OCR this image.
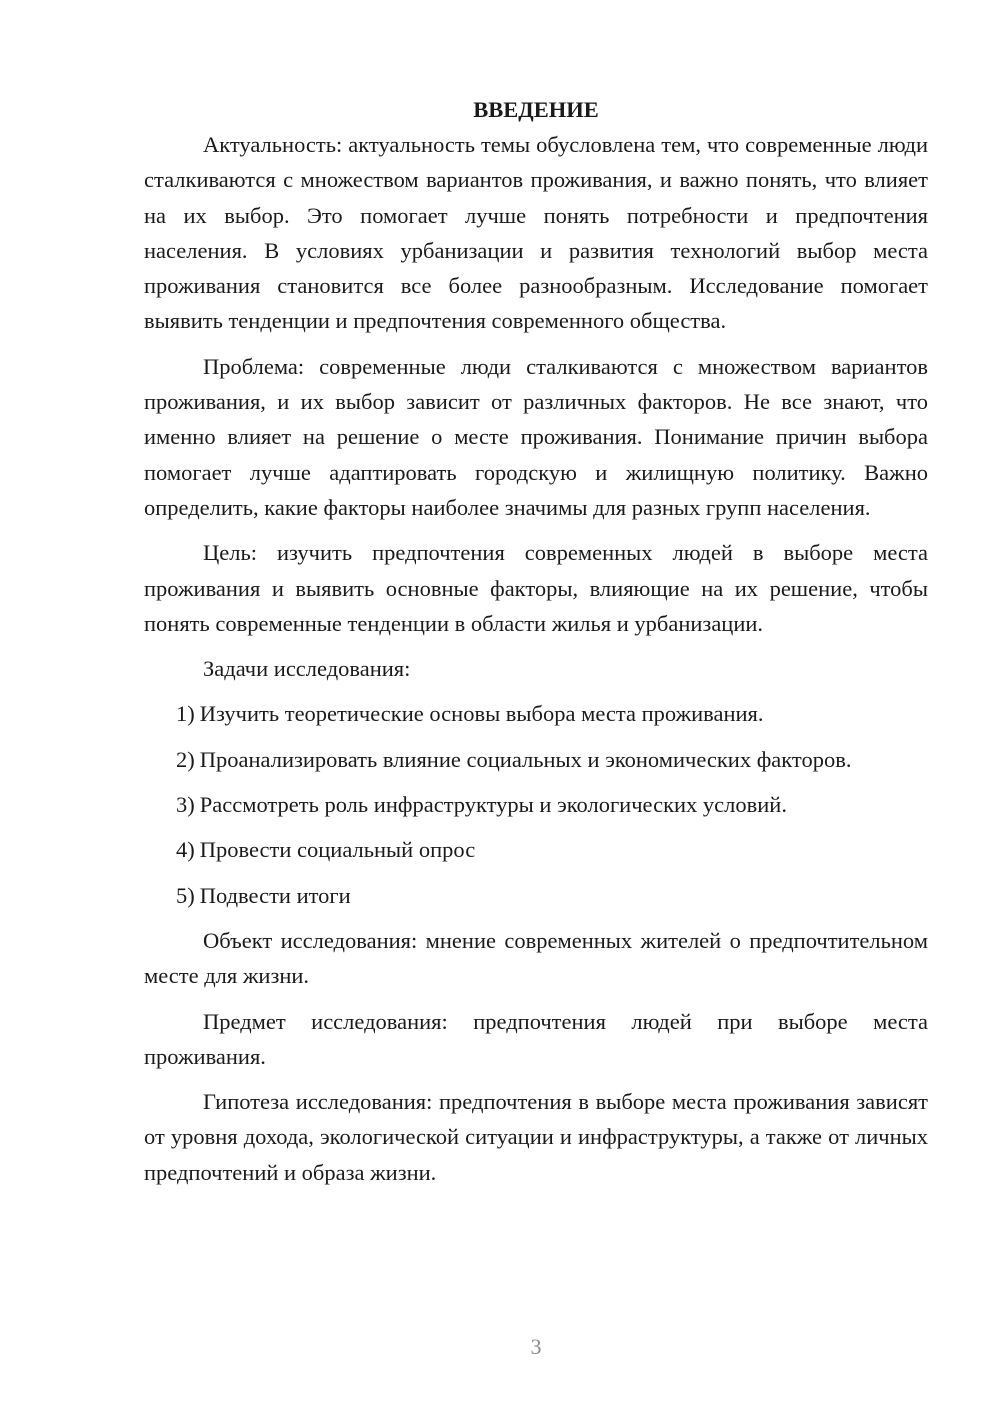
ВВЕДЕНИЕ

Актуальность: актуальность темы обусловлена тем, что современные люди сталкиваются с множеством вариантов проживания, и важно понять, что влияет на их выбор. Это помогает лучше понять потребности и предпочтения населения. В условиях урбанизации и развития технологий выбор места проживания становится все более разнообразным. Исследование помогает выявить тенденции и предпочтения современного общества.

Проблема: современные люди сталкиваются с множеством вариантов проживания, и их выбор зависит от различных факторов. Не все знают, что именно влияет на решение о месте проживания. Понимание причин выбора помогает лучше адаптировать городскую и жилищную политику. Важно определить, какие факторы наиболее значимы для разных групп населения.

Цель: изучить предпочтения современных людей в выборе места проживания и выявить основные факторы, влияющие на их решение, чтобы понять современные тенденции в области жилья и урбанизации.

Задачи исследования:

1) Изучить теоретические основы выбора места проживания.
2) Проанализировать влияние социальных и экономических факторов.
3) Рассмотреть роль инфраструктуры и экологических условий.
4) Провести социальный опрос
5) Подвести итоги

Объект исследования: мнение современных жителей о предпочтительном месте для жизни.

Предмет исследования: предпочтения людей при выборе места проживания.

Гипотеза исследования: предпочтения в выборе места проживания зависят от уровня дохода, экологической ситуации и инфраструктуры, а также от личных предпочтений и образа жизни.

3
